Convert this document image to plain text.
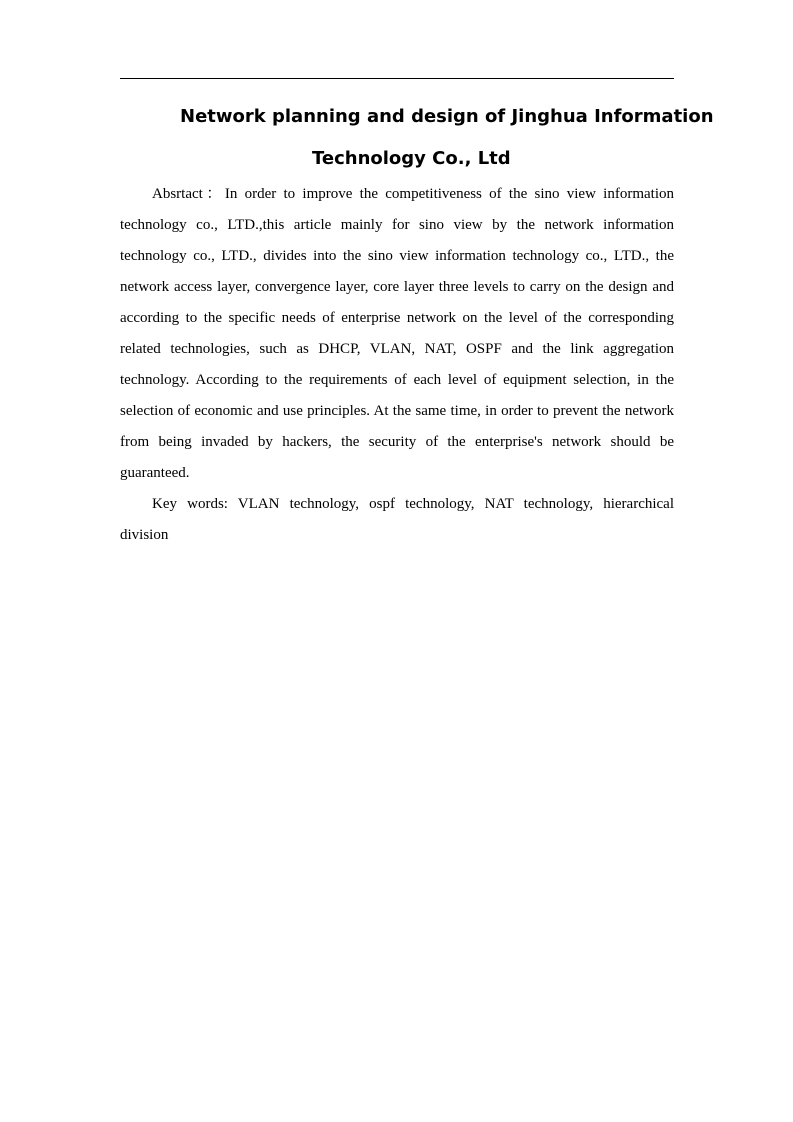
Network planning and design of Jinghua Information
Technology Co., Ltd

Absrtact：In order to improve the competitiveness of the sino view information technology co., LTD.,this article mainly for sino view by the network information technology co., LTD., divides into the sino view information technology co., LTD., the network access layer, convergence layer, core layer three levels to carry on the design and according to the specific needs of enterprise network on the level of the corresponding related technologies, such as DHCP, VLAN, NAT, OSPF and the link aggregation technology. According to the requirements of each level of equipment selection, in the selection of economic and use principles. At the same time, in order to prevent the network from being invaded by hackers, the security of the enterprise's network should be guaranteed.

Key words: VLAN technology, ospf technology, NAT technology, hierarchical division
